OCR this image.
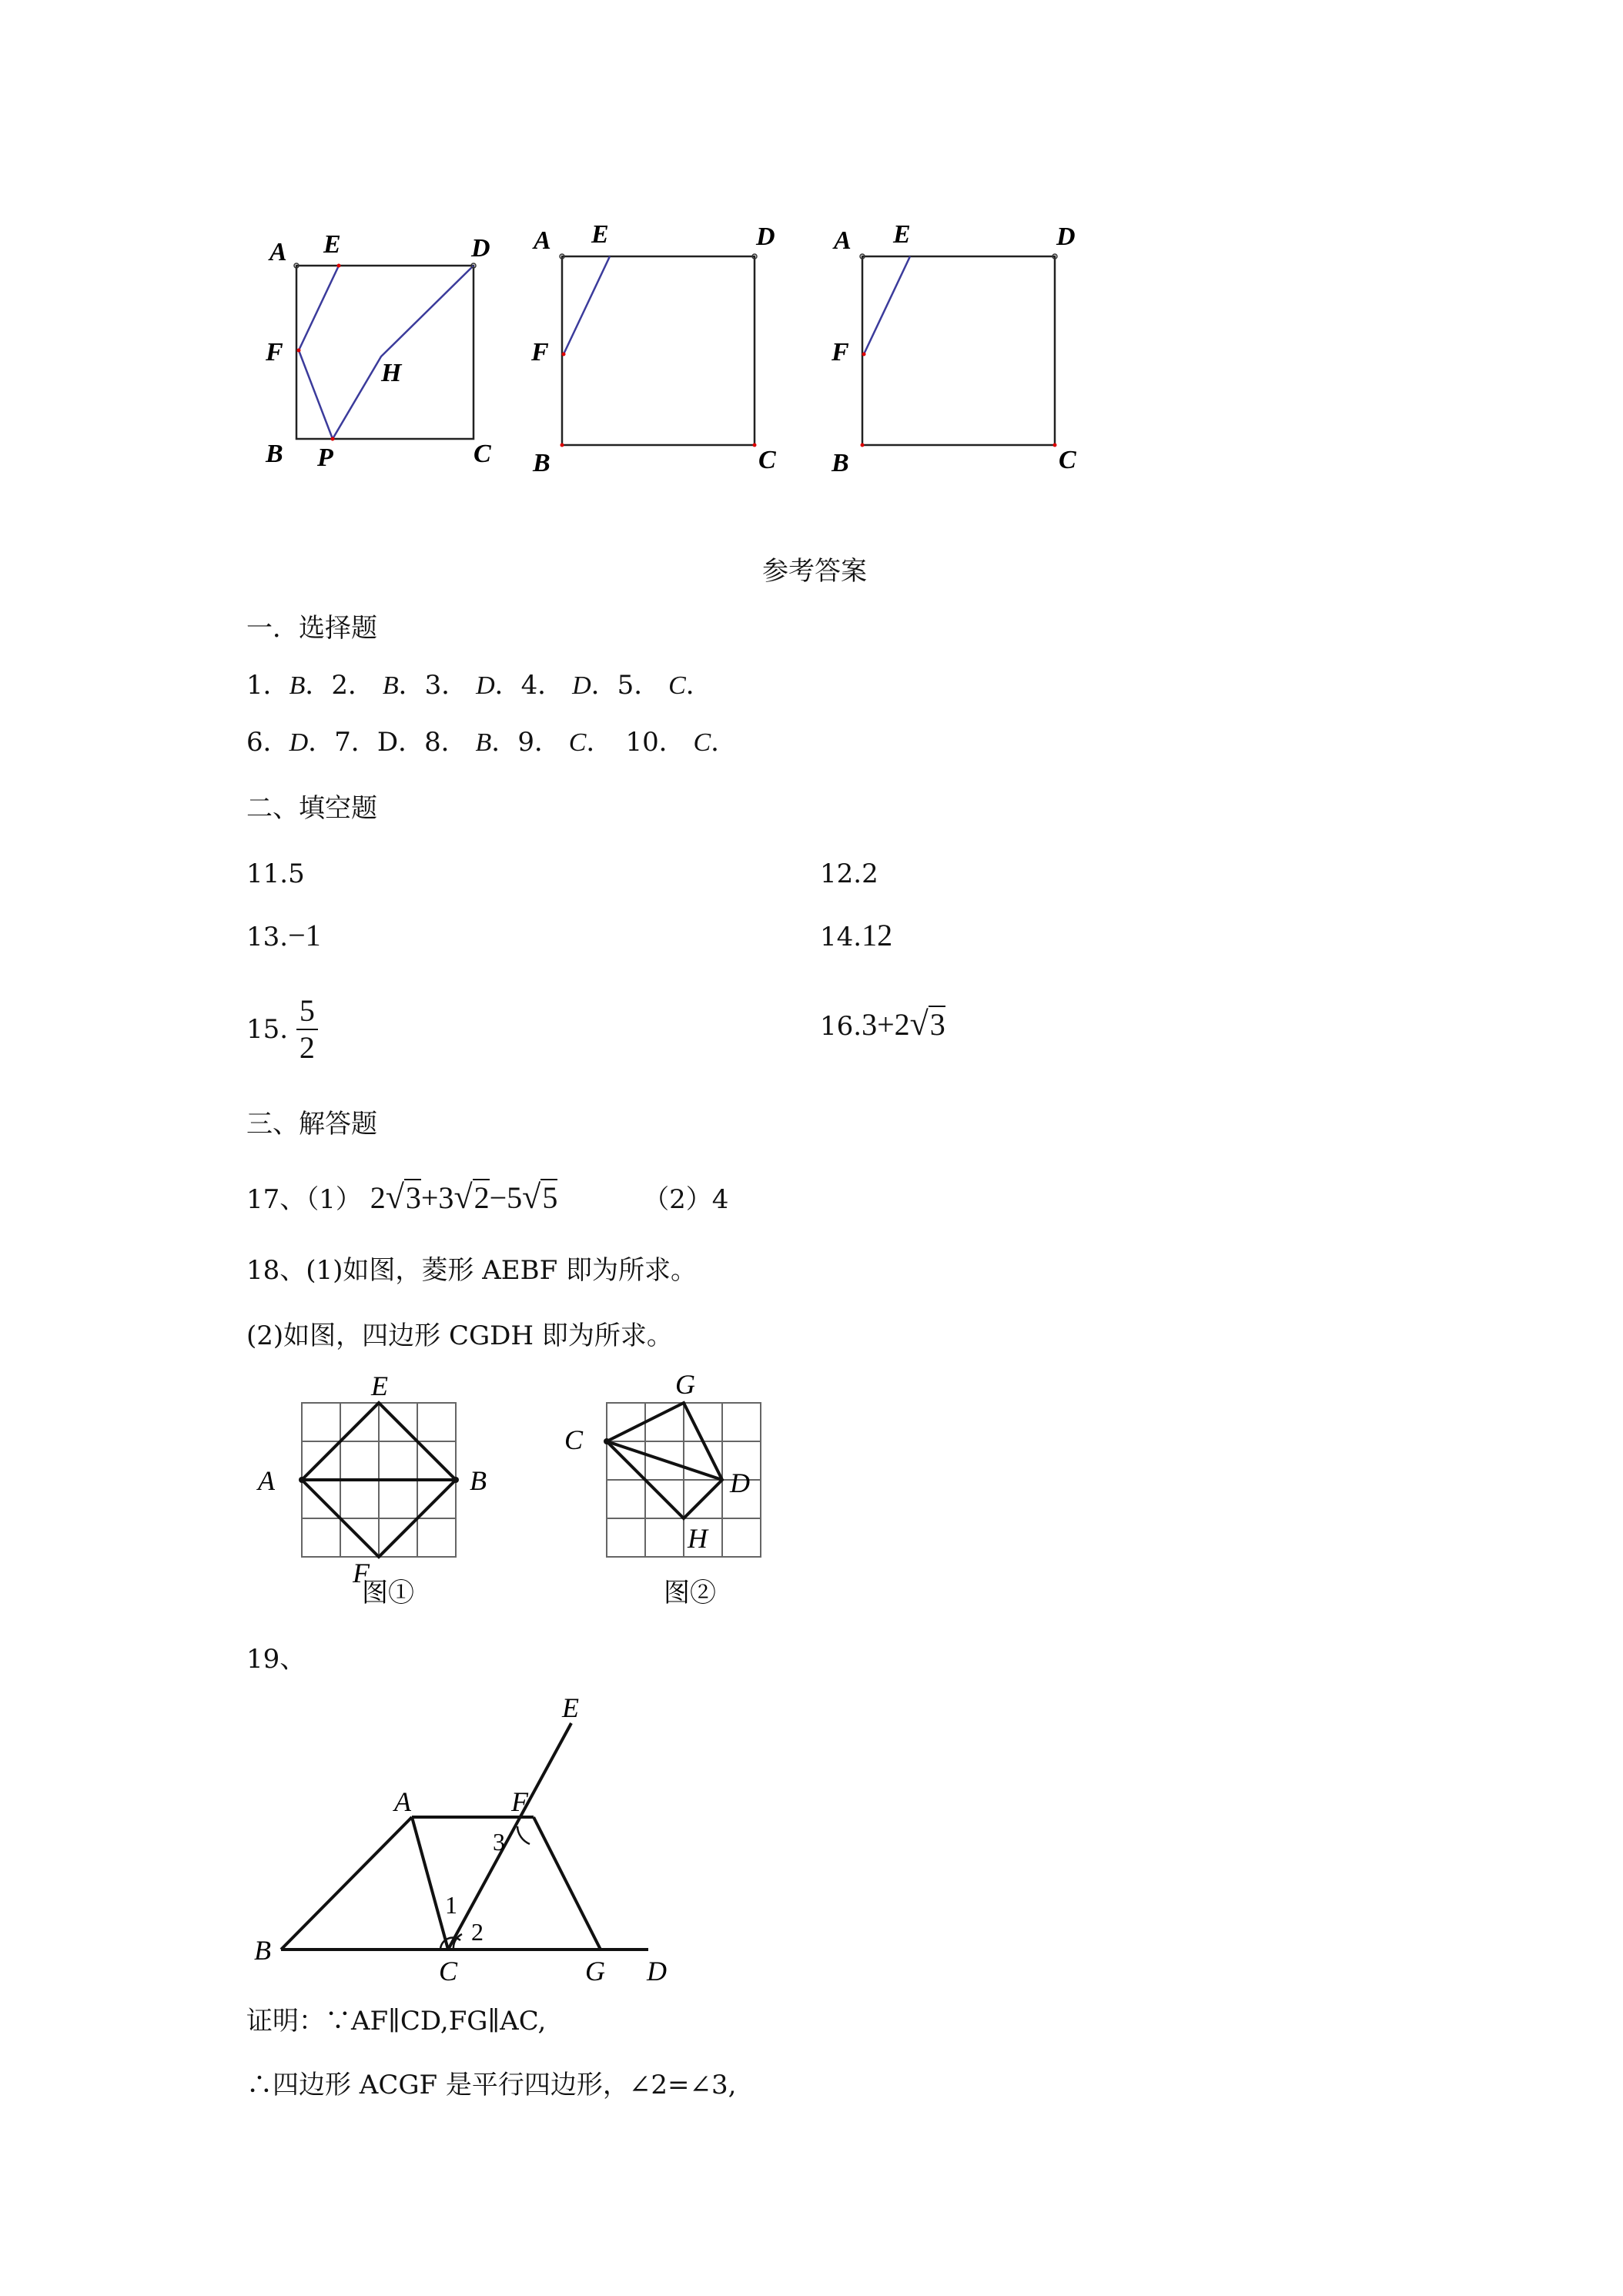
A E	D
F
H
B P	C
A E	D
F
B	C
A E	D
F
B	C
参考答案
一．选择题
1．B．2． B．3． D．4． D．5． C．
6．D．7．D．8． B．9． C．　10． C．
二、填空题
11.5	12.2
13.−1	14.12
15. $\frac{5}{2}$	16.3+2√3
三、解答题
17、（1） 2√3+3√2−5√5	（2）4
18、(1)如图，菱形 AEBF 即为所求。
(2)如图，四边形 CGDH 即为所求。
E
A	B
F
图①
G
C
D
H
图②
19、
E
A	F
3
1
2
B
C	G D
证明：∵AF∥CD,FG∥AC,
∴四边形 ACGF 是平行四边形，∠2=∠3,
